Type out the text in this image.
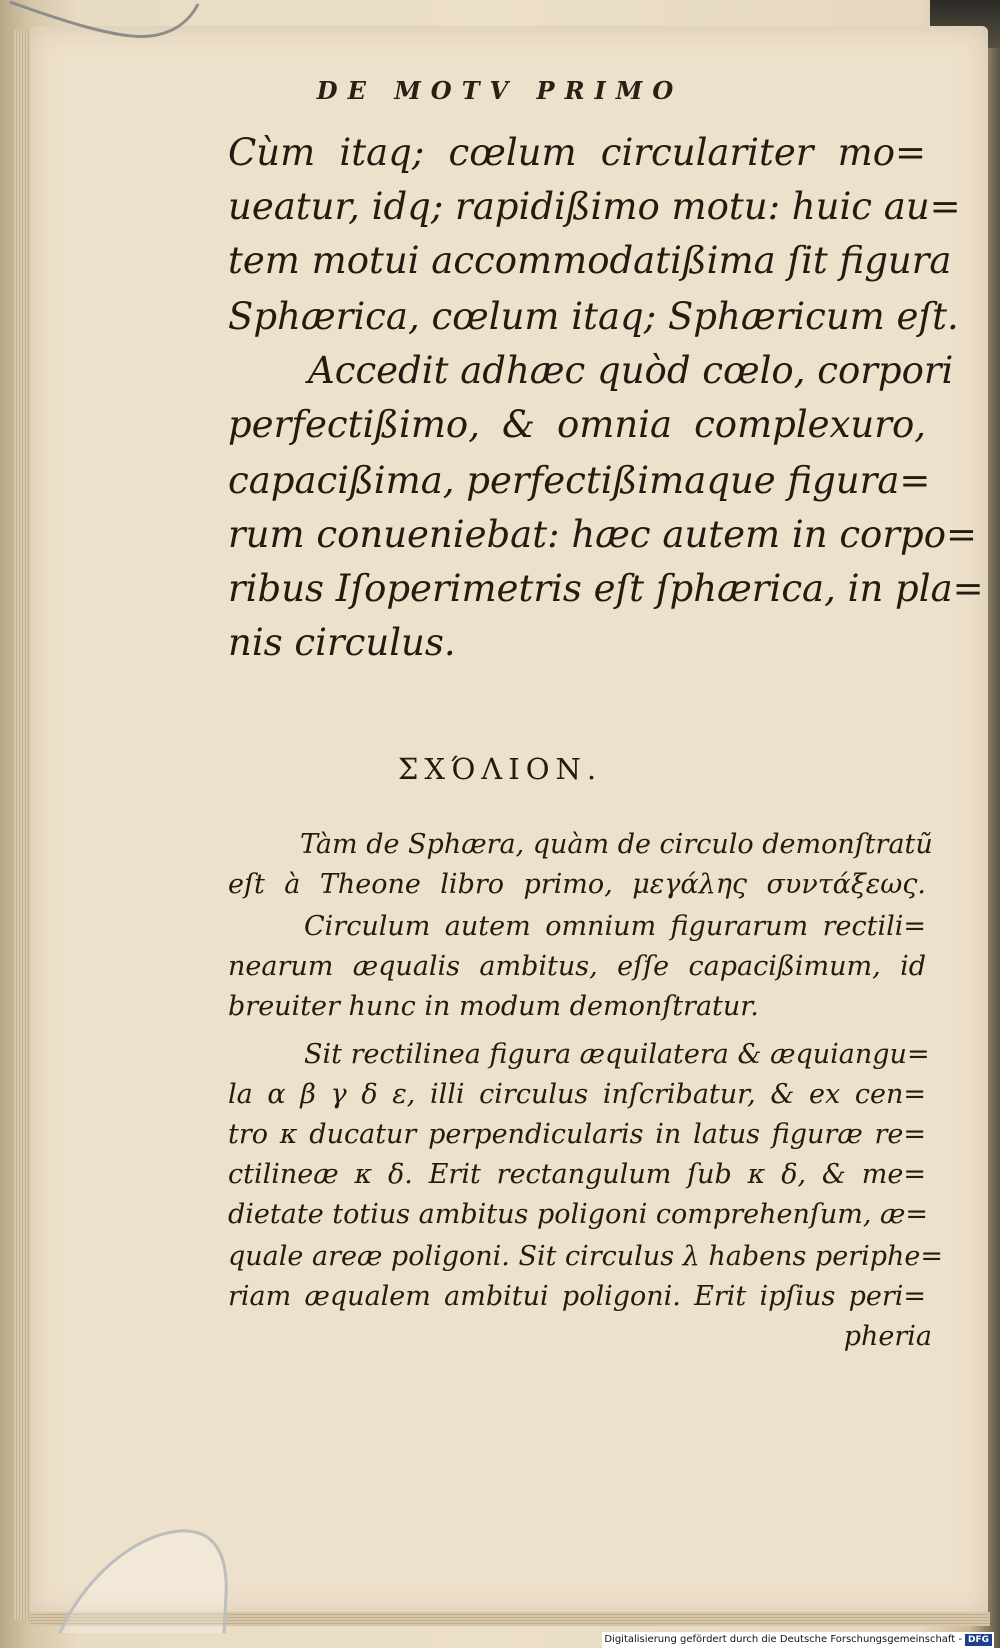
DE MOTV PRIMO

Cùm itaq; cœlum circulariter mo=

ueatur, idq; rapidißimo motu: huic au=

tem motui accommodatißima ſit figura

Sphærica, cœlum itaq; Sphæricum eſt.

Accedit adhæc quòd cœlo, corpori

perfectißimo, & omnia complexuro,

capacißima, perfectißimaque figura=

rum conueniebat: hæc autem in corpo=

ribus Iſoperimetris eſt ſphærica, in pla=

nis circulus.

ΣΧΌΛΙΟΝ.

Tàm de Sphæra, quàm de circulo demonſtratũ

eſt à Theone libro primo, μεγάλης συντάξεως.

Circulum autem omnium figurarum rectili=

nearum æqualis ambitus, eſſe capacißimum, id

breuiter hunc in modum demonſtratur.

Sit rectilinea figura æquilatera & æquiangu=

la α β γ δ ε, illi circulus inſcribatur, & ex cen=

tro κ ducatur perpendicularis in latus figuræ re=

ctilineæ κ δ. Erit rectangulum ſub κ δ, & me=

dietate totius ambitus poligoni comprehenſum, æ=

quale areæ poligoni. Sit circulus λ habens periphe=

riam æqualem ambitui poligoni. Erit ipſius peri=

pheria

Digitalisierung gefördert durch die Deutsche Forschungsgemeinschaft - DFG
